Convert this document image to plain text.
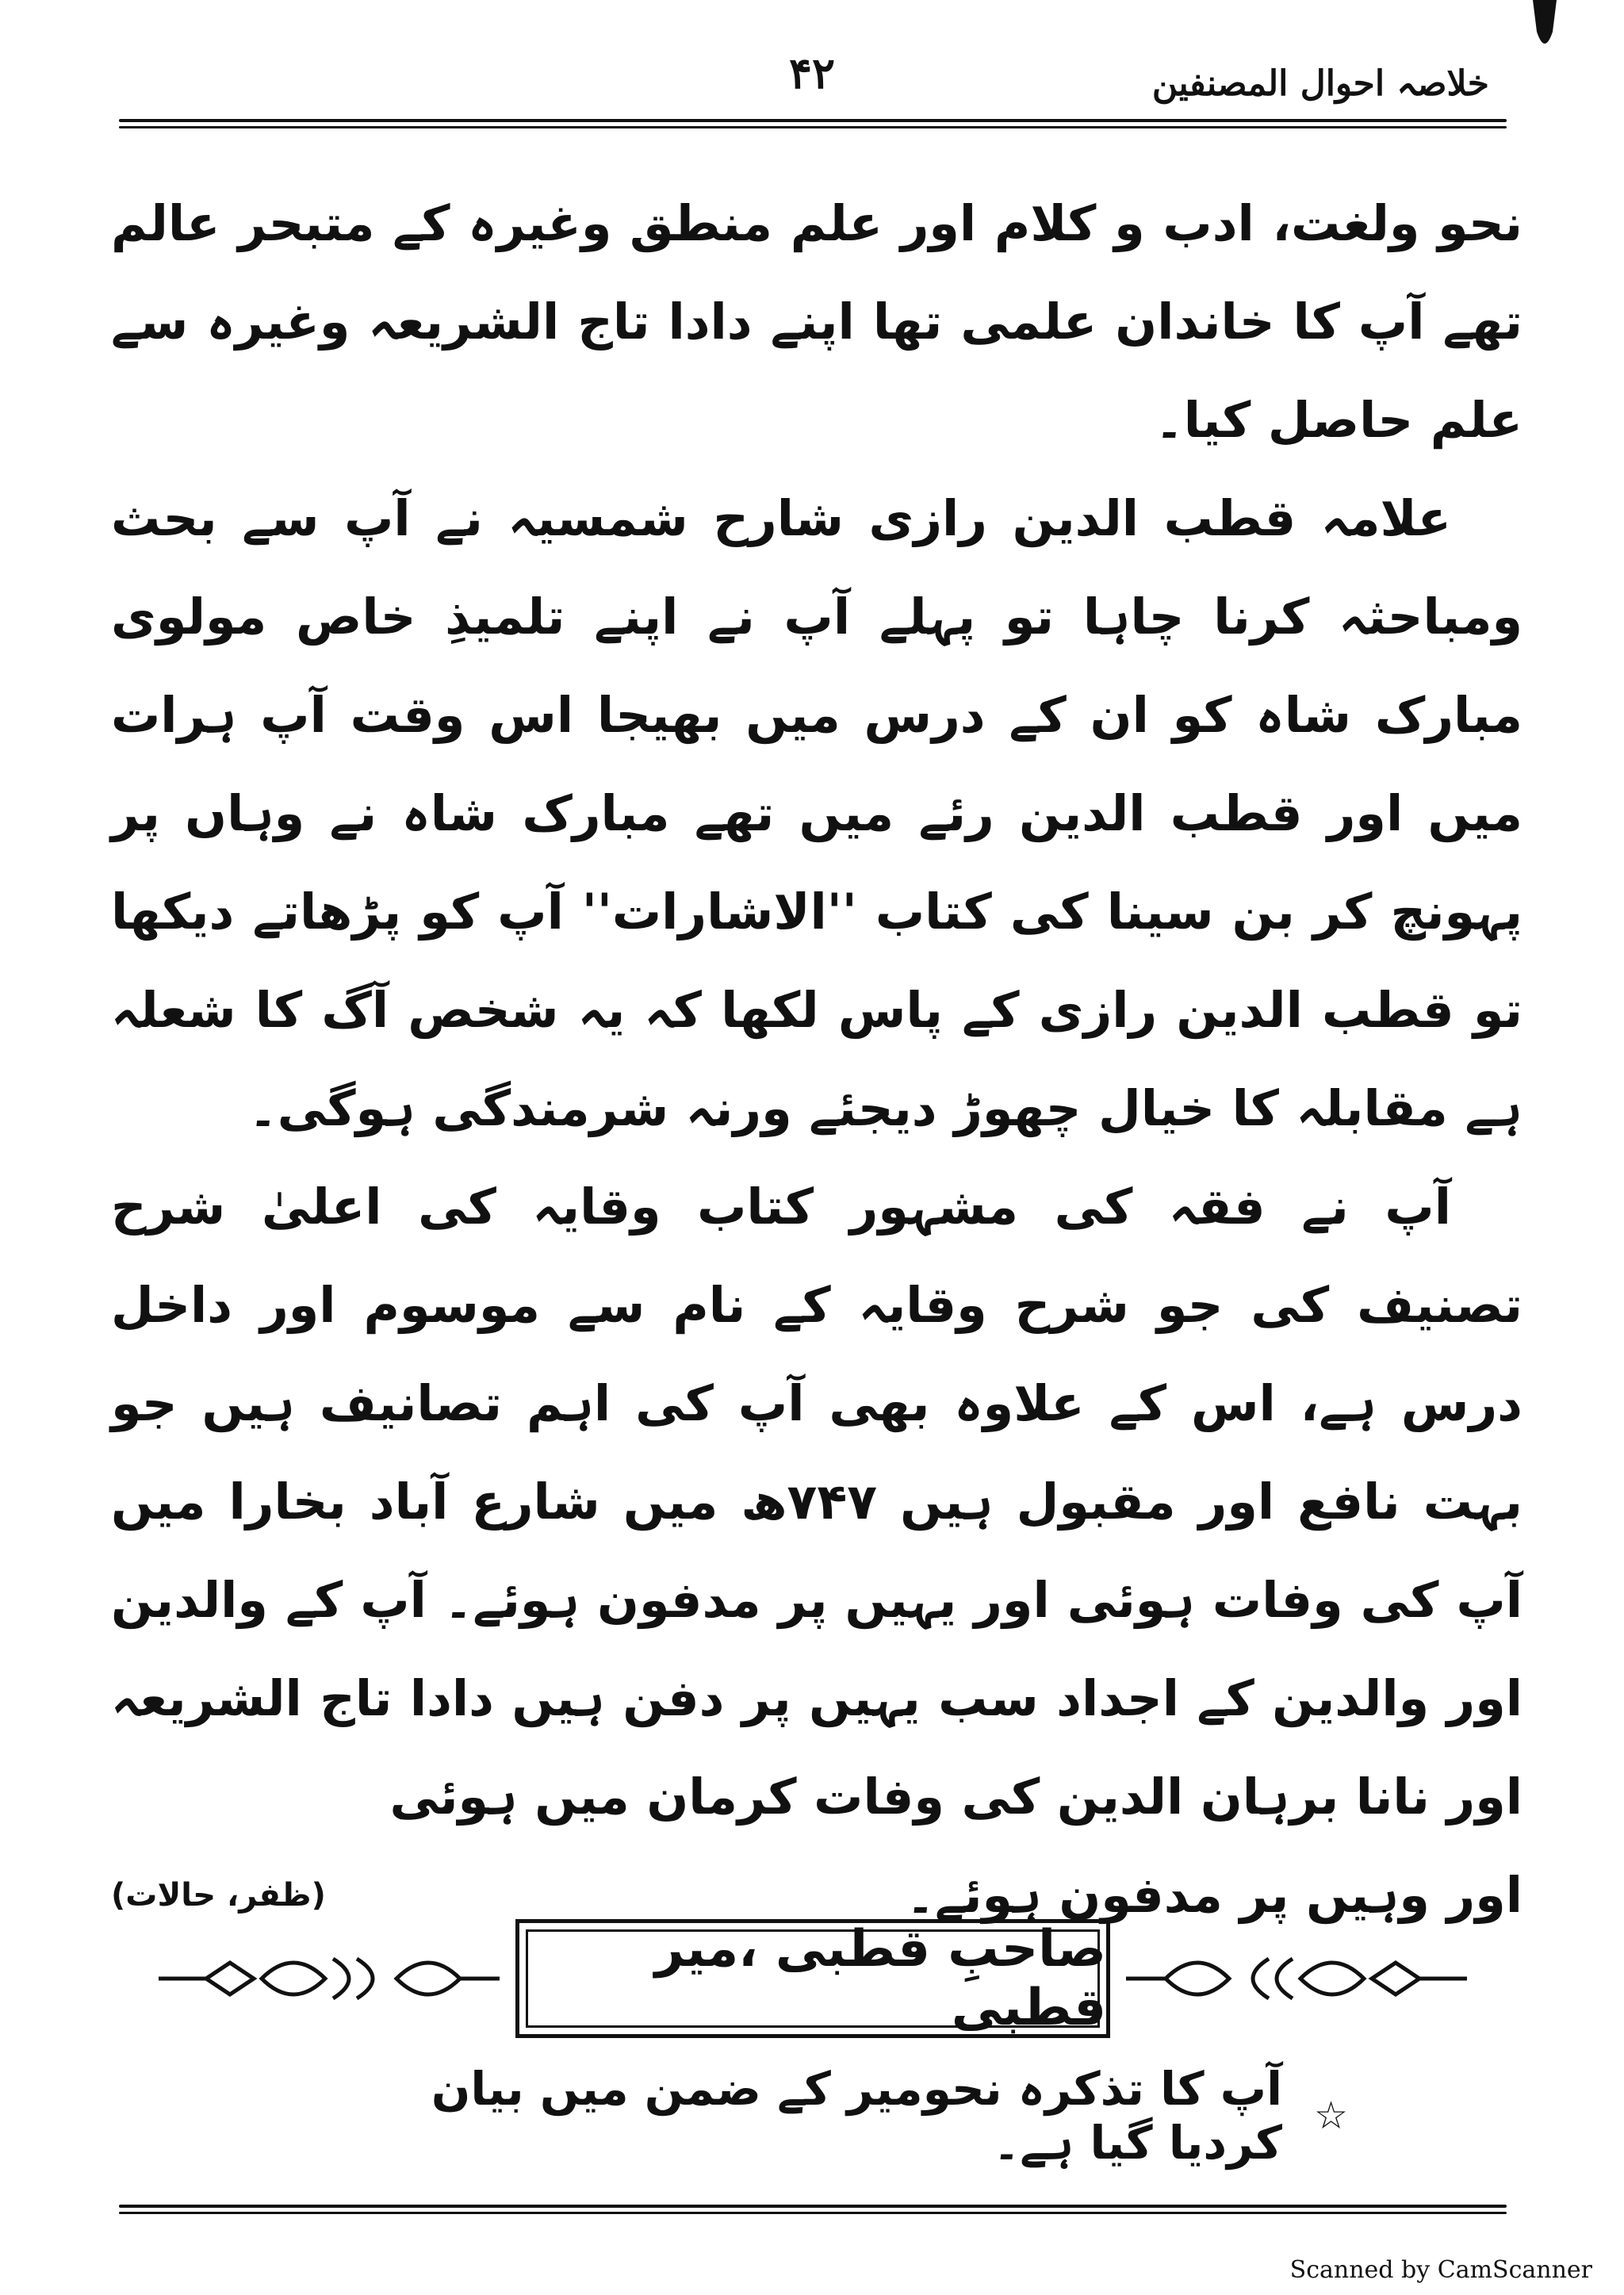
۴۲	خلاصہ احوال المصنفین

نحو ولغت، ادب و کلام اور علم منطق وغیرہ کے متبحر عالم تھے آپ کا خاندان علمی تھا اپنے دادا تاج الشریعہ وغیرہ سے علم حاصل کیا۔

علامہ قطب الدین رازی شارح شمسیہ نے آپ سے بحث ومباحثہ کرنا چاہا تو پہلے آپ نے اپنے تلمیذِ خاص مولوی مبارک شاہ کو ان کے درس میں بھیجا اس وقت آپ ہرات میں اور قطب الدین رئے میں تھے مبارک شاہ نے وہاں پر پہونچ کر بن سینا کی کتاب ''الاشارات'' آپ کو پڑھاتے دیکھا تو قطب الدین رازی کے پاس لکھا کہ یہ شخص آگ کا شعلہ ہے مقابلہ کا خیال چھوڑ دیجئے ورنہ شرمندگی ہوگی۔

آپ نے فقہ کی مشہور کتاب وقایہ کی اعلیٰ شرح تصنیف کی جو شرح وقایہ کے نام سے موسوم اور داخل درس ہے، اس کے علاوہ بھی آپ کی اہم تصانیف ہیں جو بہت نافع اور مقبول ہیں ۷۴۷ھ میں شارع آباد بخارا میں آپ کی وفات ہوئی اور یہیں پر مدفون ہوئے۔ آپ کے والدین اور والدین کے اجداد سب یہیں پر دفن ہیں دادا تاج الشریعہ اور نانا برہان الدین کی وفات کرمان میں ہوئی

اور وہیں پر مدفون ہوئے۔
(ظفر، حالات)
صاحبِ قطبی ،میر قطبی
☆
آپ کا تذکرہ نحومیر کے ضمن میں بیان کردیا گیا ہے۔
Scanned by CamScanner
